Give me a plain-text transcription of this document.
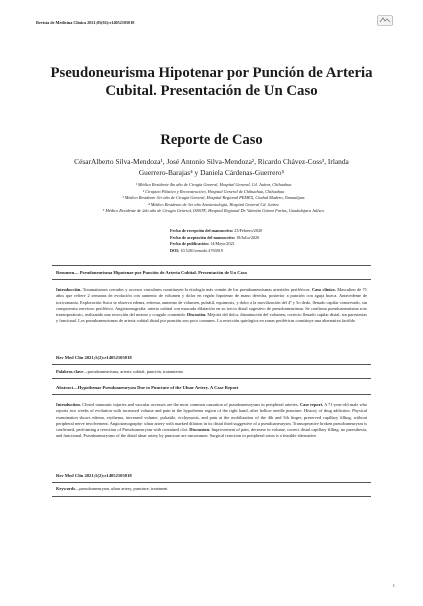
Revista de Medicina Clínica 2021;05(02):e14052105018
Pseudoneurisma Hipotenar por Punción de Arteria Cubital. Presentación de Un Caso
Reporte de Caso
CésarAlberto Silva-Mendoza¹, José Antonio Silva-Mendoza², Ricardo Chávez-Coss³, Irlanda
Guerrero-Barajas⁴ y Daniela Cárdenas-Guerrero⁵
¹ Médico Residente 4to año de Cirugía General, Hospital General, Cd. Juárez, Chihuahua
² Cirujano Plástico y Reconstructivo, Hospital General de Chihuahua, Chihuahua
³ Médico Residente 3er año de Cirugía General, Hospital Regional PEMEX, Ciudad Madero, Tamaulipas
⁴ Médico Residente de 3er año Anestesiología, Hospital General Cd. Juárez
⁵ Médico Residente de 2do año de Cirugía General, ISSSTE, Hospital Regional Dr. Valentín Gómez Farías, Guadalajara Jalisco
Fecha de recepción del manuscrito: 23/Febrero/2020
Fecha de aceptación del manuscrito: 18/Julio/2020
Fecha de publicación: 14/Mayo/2021
DOI: 10.5281/zenodo.4763819
Resumen— Pseudoneurisma Hipotenar por Punción de Arteria Cubital. Presentación de Un Caso
Introducción. Traumatismos cerrados y accesos vasculares constituyen la etiología más común de los pseudoaneurismas arteriales periféricos. Caso clínico. Masculino de 71 años que refiere 2 semanas de evolución con aumento de volumen y dolor en región hipotenar de mano derecha, posterior a punción con aguja hueca. Antecedente de toxicomanía. Exploración física se observa edema, eritema, aumento de volumen, pulsátil, equimosis, y dolor a la movilización del 4º y 5o dedo, llenado capilar conservado, sin compromiso nervioso periférico. Angiotomografía: arteria cubital con marcada dilatación en su tercio distal sugestivo de pseudoaneurisma. Se confirma pseudoaneurisma roto transoperatorio, realizando una resección del mismo y coagulo contenido. Discusión. Mejoría del dolor, disminución del volumen, correcto llenado capilar distal, sin parestesias y funcional. Los pseudoaneurismas de arteria cubital distal por punción son poco comunes. La resección quirúrgica en zonas periféricas constituye una alternativa factible.
Rev Med Clin 2021;5(2):e14052105018
Palabras clave—pseudoaneurisma, arteria cubital, punción, tratamiento
Abstract—Hypothenar Pseudoaneurysm Due to Puncture of the Ulnar Artery. A Case Report
Introduction. Closed traumatic injuries and vascular accesses are the most common causation of pseudoaneurysms in peripheral arteries. Case report. A 71-year-old male who reports two weeks of evolution with increased volume and pain in the hypothenar region of the right hand, after hollow needle puncture. History of drug addiction. Physical examination shows edema, erythema, increased volume, pulsatile, ecchymosis, and pain at the mobilization of the 4th and 5th finger, preserved capillary filling, without peripheral nerve involvement. Angiotomography: ulnar artery with marked dilation in its distal third suggestive of a pseudoaneurysm. Transoperative broken pseudoaneurysm is confirmed, performing a resection of Pseudoaneurysm with contained clot. Discussion. Improvement of pain, decrease in volume, correct distal capillary filling, no paresthesia, and functional. Pseudoaneurysms of the distal ulnar artery by puncture are uncommon. Surgical resection in peripheral areas is a feasible alternative.
Rev Med Clin 2021;5(2):e14052105018
Keywords—pseudoaneurysm, ulnar artery, puncture, treatment
1
